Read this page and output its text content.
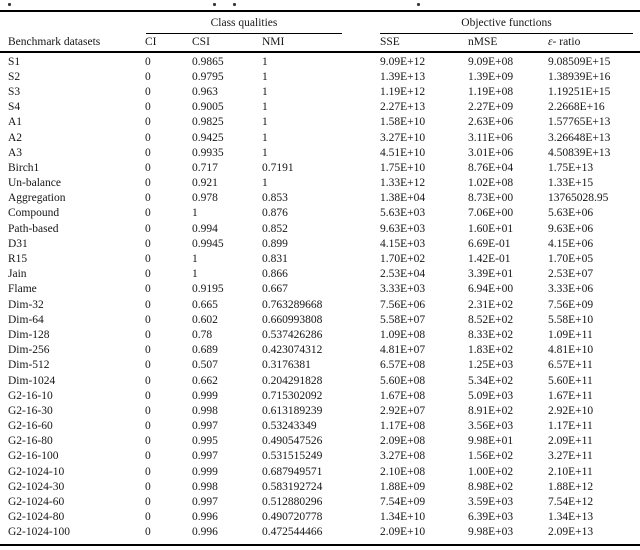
Class qualities	Objective functions
Benchmark datasets	CI	CSI	NMI	SSE	nMSE	ε- ratio
S1	0	0.9865	1	9.09E+12	9.09E+08	9.08509E+15
S2	0	0.9795	1	1.39E+13	1.39E+09	1.38939E+16
S3	0	0.963	1	1.19E+12	1.19E+08	1.19251E+15
S4	0	0.9005	1	2.27E+13	2.27E+09	2.2668E+16
A1	0	0.9825	1	1.58E+10	2.63E+06	1.57765E+13
A2	0	0.9425	1	3.27E+10	3.11E+06	3.26648E+13
A3	0	0.9935	1	4.51E+10	3.01E+06	4.50839E+13
Birch1	0	0.717	0.7191	1.75E+10	8.76E+04	1.75E+13
Un-balance	0	0.921	1	1.33E+12	1.02E+08	1.33E+15
Aggregation	0	0.978	0.853	1.38E+04	8.73E+00	13765028.95
Compound	0	1	0.876	5.63E+03	7.06E+00	5.63E+06
Path-based	0	0.994	0.852	9.63E+03	1.60E+01	9.63E+06
D31	0	0.9945	0.899	4.15E+03	6.69E-01	4.15E+06
R15	0	1	0.831	1.70E+02	1.42E-01	1.70E+05
Jain	0	1	0.866	2.53E+04	3.39E+01	2.53E+07
Flame	0	0.9195	0.667	3.33E+03	6.94E+00	3.33E+06
Dim-32	0	0.665	0.763289668	7.56E+06	2.31E+02	7.56E+09
Dim-64	0	0.602	0.660993808	5.58E+07	8.52E+02	5.58E+10
Dim-128	0	0.78	0.537426286	1.09E+08	8.33E+02	1.09E+11
Dim-256	0	0.689	0.423074312	4.81E+07	1.83E+02	4.81E+10
Dim-512	0	0.507	0.3176381	6.57E+08	1.25E+03	6.57E+11
Dim-1024	0	0.662	0.204291828	5.60E+08	5.34E+02	5.60E+11
G2-16-10	0	0.999	0.715302092	1.67E+08	5.09E+03	1.67E+11
G2-16-30	0	0.998	0.613189239	2.92E+07	8.91E+02	2.92E+10
G2-16-60	0	0.997	0.53243349	1.17E+08	3.56E+03	1.17E+11
G2-16-80	0	0.995	0.490547526	2.09E+08	9.98E+01	2.09E+11
G2-16-100	0	0.997	0.531515249	3.27E+08	1.56E+02	3.27E+11
G2-1024-10	0	0.999	0.687949571	2.10E+08	1.00E+02	2.10E+11
G2-1024-30	0	0.998	0.583192724	1.88E+09	8.98E+02	1.88E+12
G2-1024-60	0	0.997	0.512880296	7.54E+09	3.59E+03	7.54E+12
G2-1024-80	0	0.996	0.490720778	1.34E+10	6.39E+03	1.34E+13
G2-1024-100	0	0.996	0.472544466	2.09E+10	9.98E+03	2.09E+13
